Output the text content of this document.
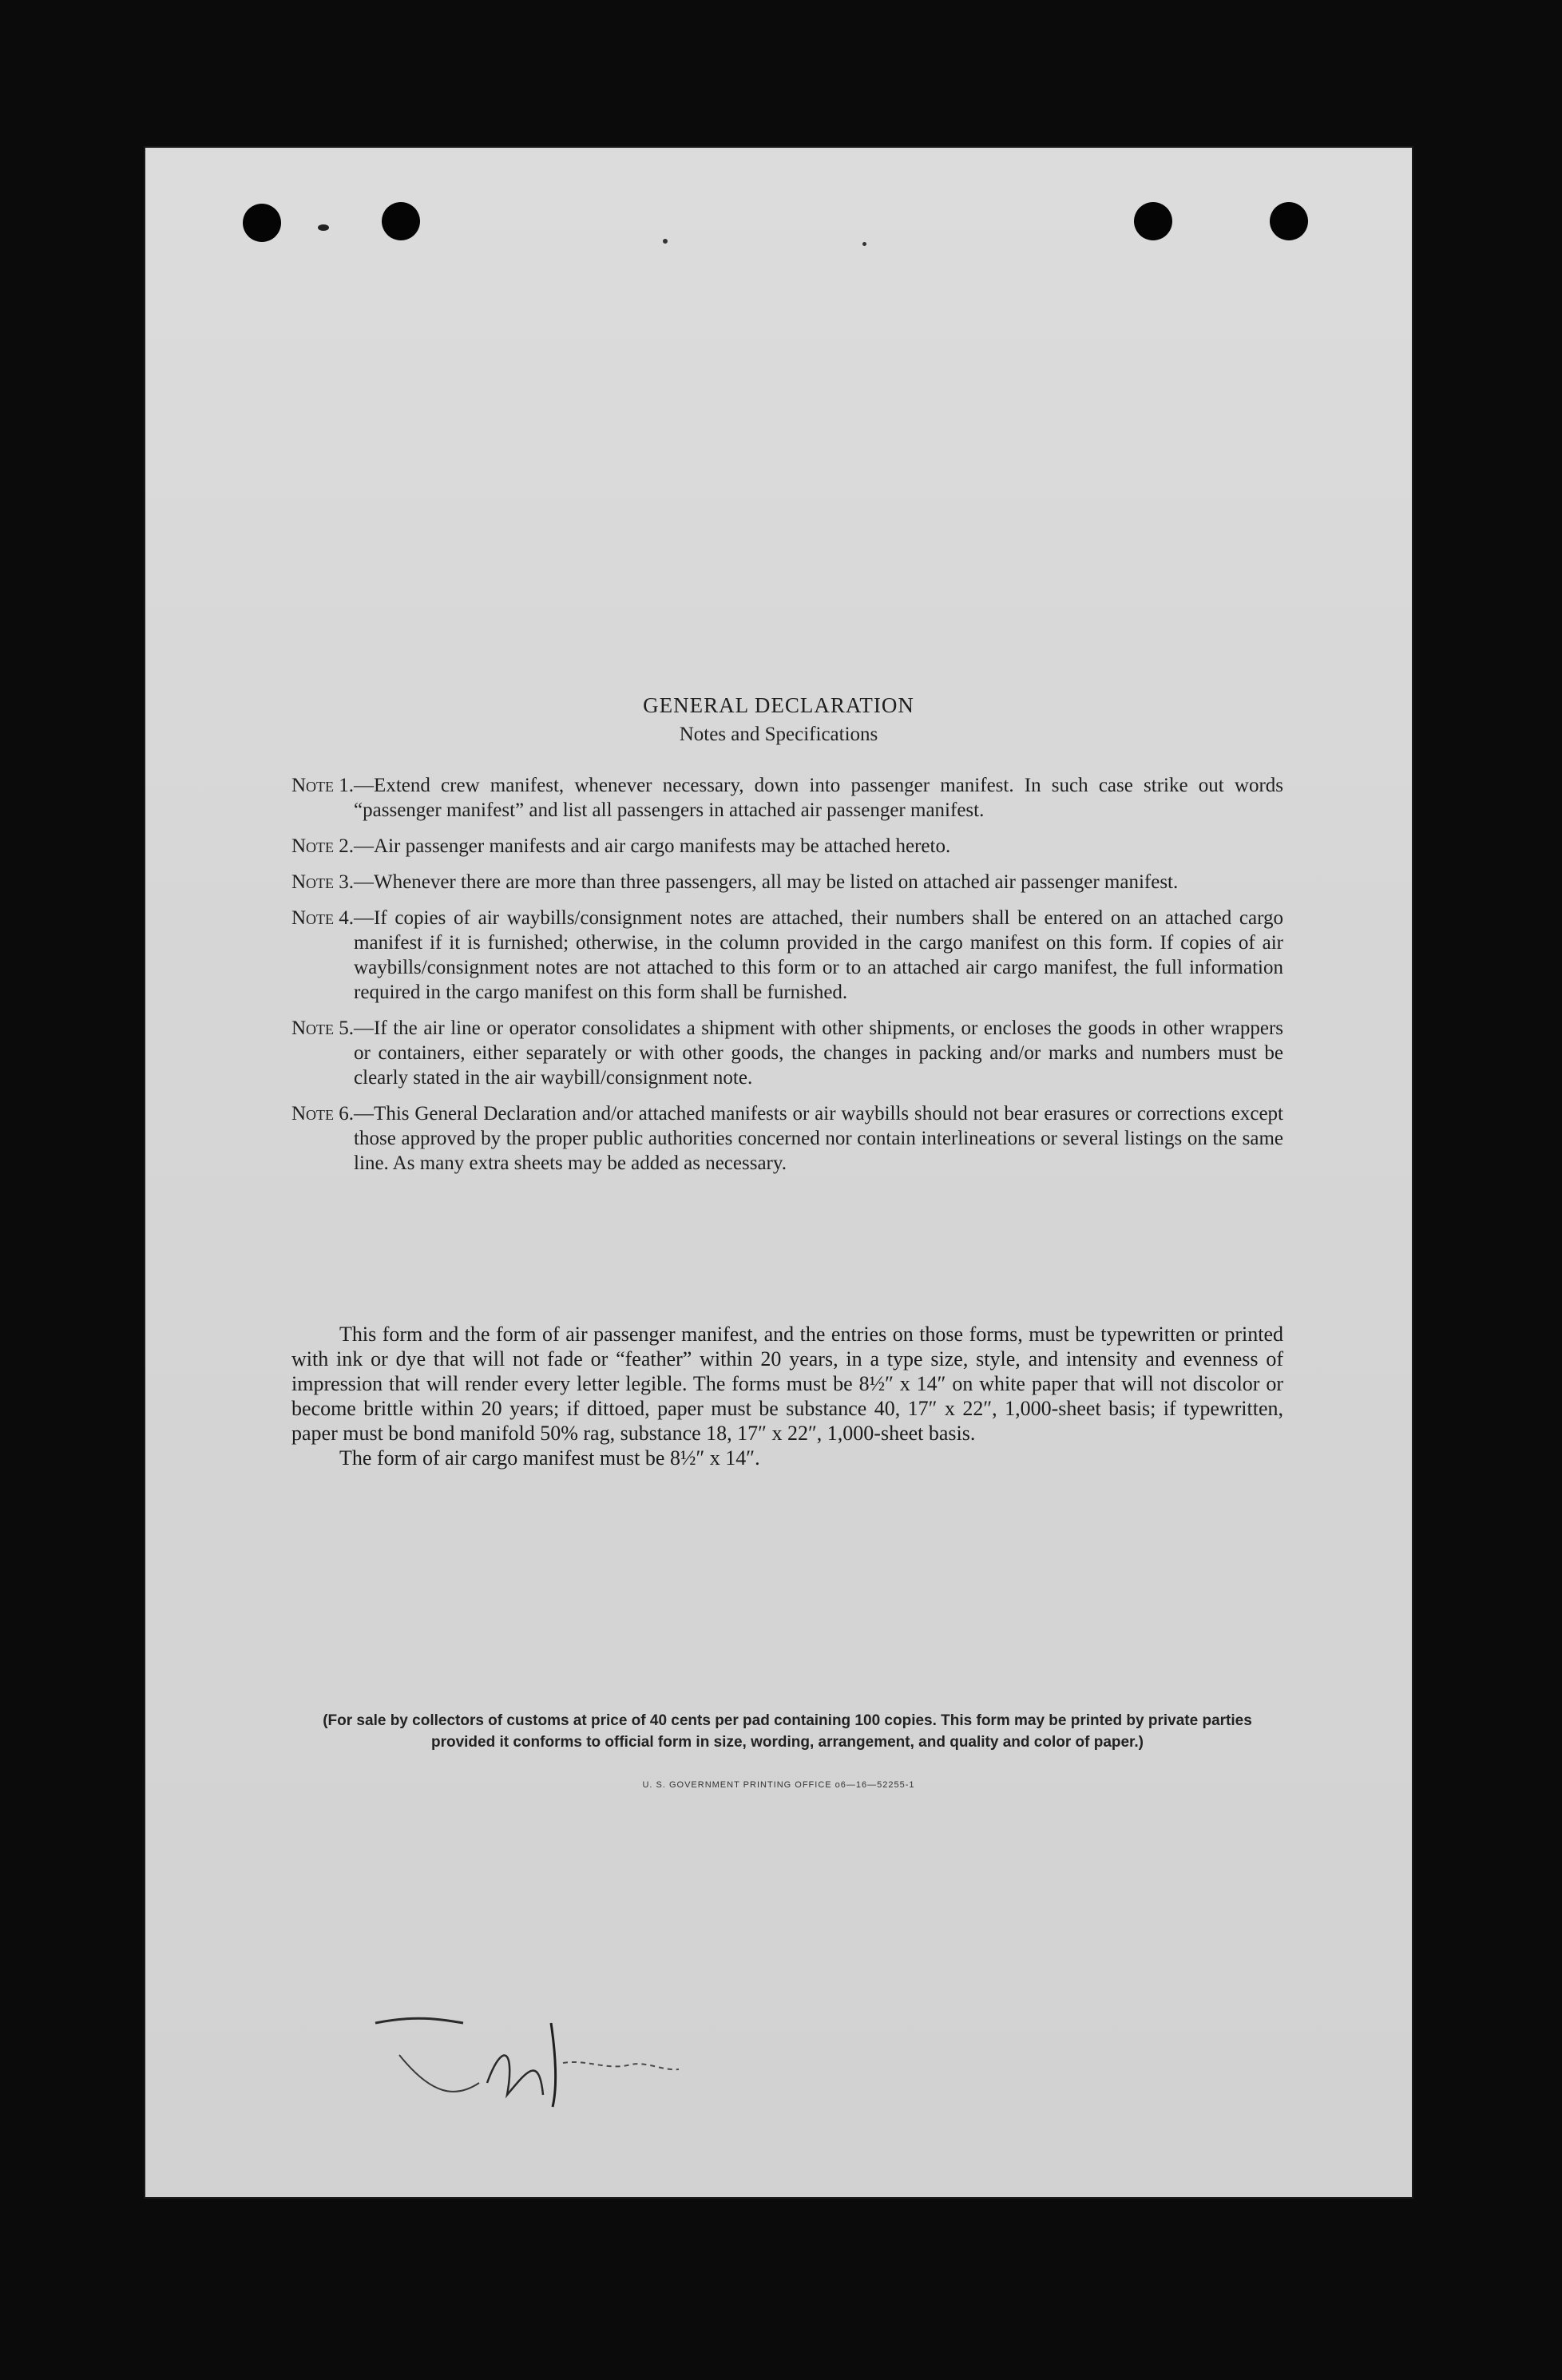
GENERAL DECLARATION
Notes and Specifications
Note 1. —Extend crew manifest, whenever necessary, down into passenger manifest. In such case strike out words “passenger manifest” and list all passengers in attached air passenger manifest.
Note 2. —Air passenger manifests and air cargo manifests may be attached hereto.
Note 3. —Whenever there are more than three passengers, all may be listed on attached air passenger manifest.
Note 4. —If copies of air waybills/consignment notes are attached, their numbers shall be entered on an attached cargo manifest if it is furnished; otherwise, in the column provided in the cargo manifest on this form. If copies of air waybills/consignment notes are not attached to this form or to an attached air cargo manifest, the full information required in the cargo manifest on this form shall be furnished.
Note 5. —If the air line or operator consolidates a shipment with other shipments, or encloses the goods in other wrappers or containers, either separately or with other goods, the changes in packing and/or marks and numbers must be clearly stated in the air waybill/consignment note.
Note 6. —This General Declaration and/or attached manifests or air waybills should not bear erasures or corrections except those approved by the proper public authorities concerned nor contain interlineations or several listings on the same line. As many extra sheets may be added as necessary.

This form and the form of air passenger manifest, and the entries on those forms, must be typewritten or printed with ink or dye that will not fade or “feather” within 20 years, in a type size, style, and intensity and evenness of impression that will render every letter legible. The forms must be 8½″ x 14″ on white paper that will not discolor or become brittle within 20 years; if dittoed, paper must be substance 40, 17″ x 22″, 1,000-sheet basis; if typewritten, paper must be bond manifold 50% rag, substance 18, 17″ x 22″, 1,000-sheet basis.

The form of air cargo manifest must be 8½″ x 14″.

(For sale by collectors of customs at price of 40 cents per pad containing 100 copies. This form may be printed by private parties provided it conforms to official form in size, wording, arrangement, and quality and color of paper.)
U. S. GOVERNMENT PRINTING OFFICE o6—16—52255-1
